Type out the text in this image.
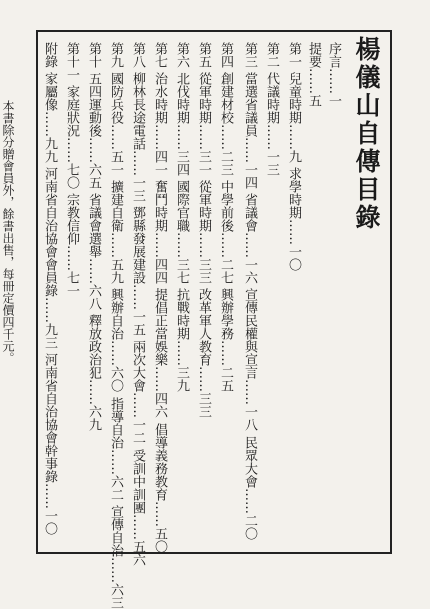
楊儀山自傳目錄
序言……一
提要……五
第一 兒童時期……九 求學時期……一〇
第二 代議時期……一三
第三 當選省議員……一四 省議會……一六 宣傳民權與宣言……一八 民眾大會……二〇
第四 創建材校……二三 中學前後……二七 興辦學務……二五
第五 從軍時期……三一 從軍時期……三三 改革軍人教育……三三
第六 北伐時期……三四 國際官職……三七 抗戰時期……三九
第七 治水時期……四一 奮鬥時期……四四 提倡正當娛樂……四六 倡導義務教育……五〇
第八 柳林長途電話……一三 鄧縣發展建設……一五 兩次大會……一二 受訓中訓團……五六
第九 國防兵役……五一 擴建自衛……五九 興辦自治……六〇 指導自治……六二 宣傳自治……六三
第十 五四運動後……六五 省議會選舉……六八 釋放政治犯……六九
第十一 家庭狀況……七〇 宗教信仰……七一
附錄 家屬像……九九 河南省自治協會會員錄……九三 河南省自治協會幹事錄……一〇
本書除分贈會員外，餘書出售，每冊定價四千元。
